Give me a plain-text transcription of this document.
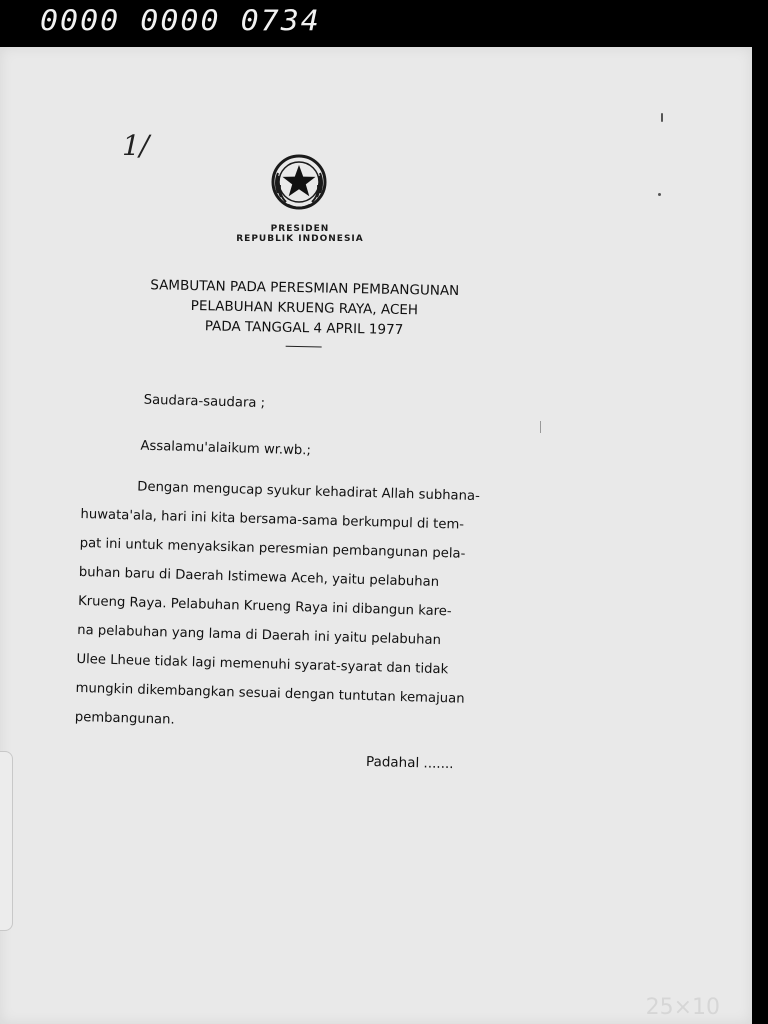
0000 0000 0734
1/
PRESIDEN
REPUBLIK INDONESIA
SAMBUTAN PADA PERESMIAN PEMBANGUNAN
PELABUHAN KRUENG RAYA, ACEH
PADA TANGGAL 4 APRIL 1977
Saudara-saudara ;
Assalamu'alaikum wr.wb.;
Dengan mengucap syukur kehadirat Allah subhana-
huwata'ala, hari ini kita bersama-sama berkumpul di tem-
pat ini untuk menyaksikan peresmian pembangunan pela-
buhan baru di Daerah Istimewa Aceh, yaitu pelabuhan
Krueng Raya. Pelabuhan Krueng Raya ini dibangun kare-
na pelabuhan yang lama di Daerah ini yaitu pelabuhan
Ulee Lheue tidak lagi memenuhi syarat-syarat dan tidak
mungkin dikembangkan sesuai dengan tuntutan kemajuan
pembangunan.
Padahal .......
25×10
